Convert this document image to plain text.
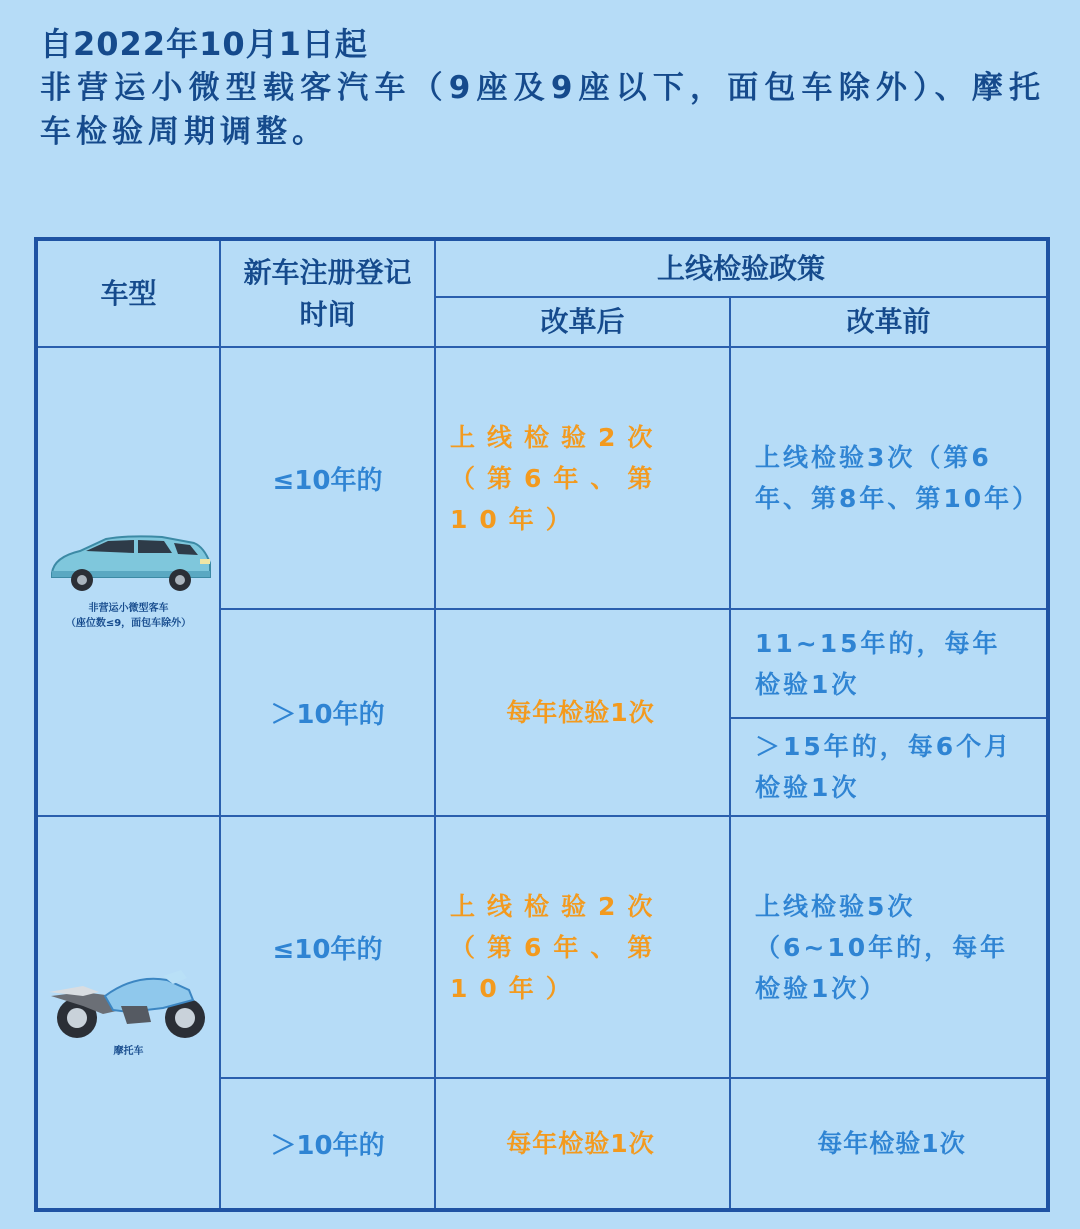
自2022年10月1日起
非营运小微型载客汽车（9座及9座以下，面包车除外）、摩托车检验周期调整。
车型	新车注册登记时间	上线检验政策	
		改革后	改革前

非营运小微型客车
（座位数≤9，面包车除外）	≤10年的	上线检验2次（第6年、第10年）	上线检验3次（第6年、第8年、第10年）
	＞10年的	每年检验1次	11~15年的，每年检验1次
			＞15年的，每6个月检验1次

摩托车	≤10年的	上线检验2次（第6年、第10年）	上线检验5次（6~10年的，每年检验1次）
	＞10年的	每年检验1次	每年检验1次
